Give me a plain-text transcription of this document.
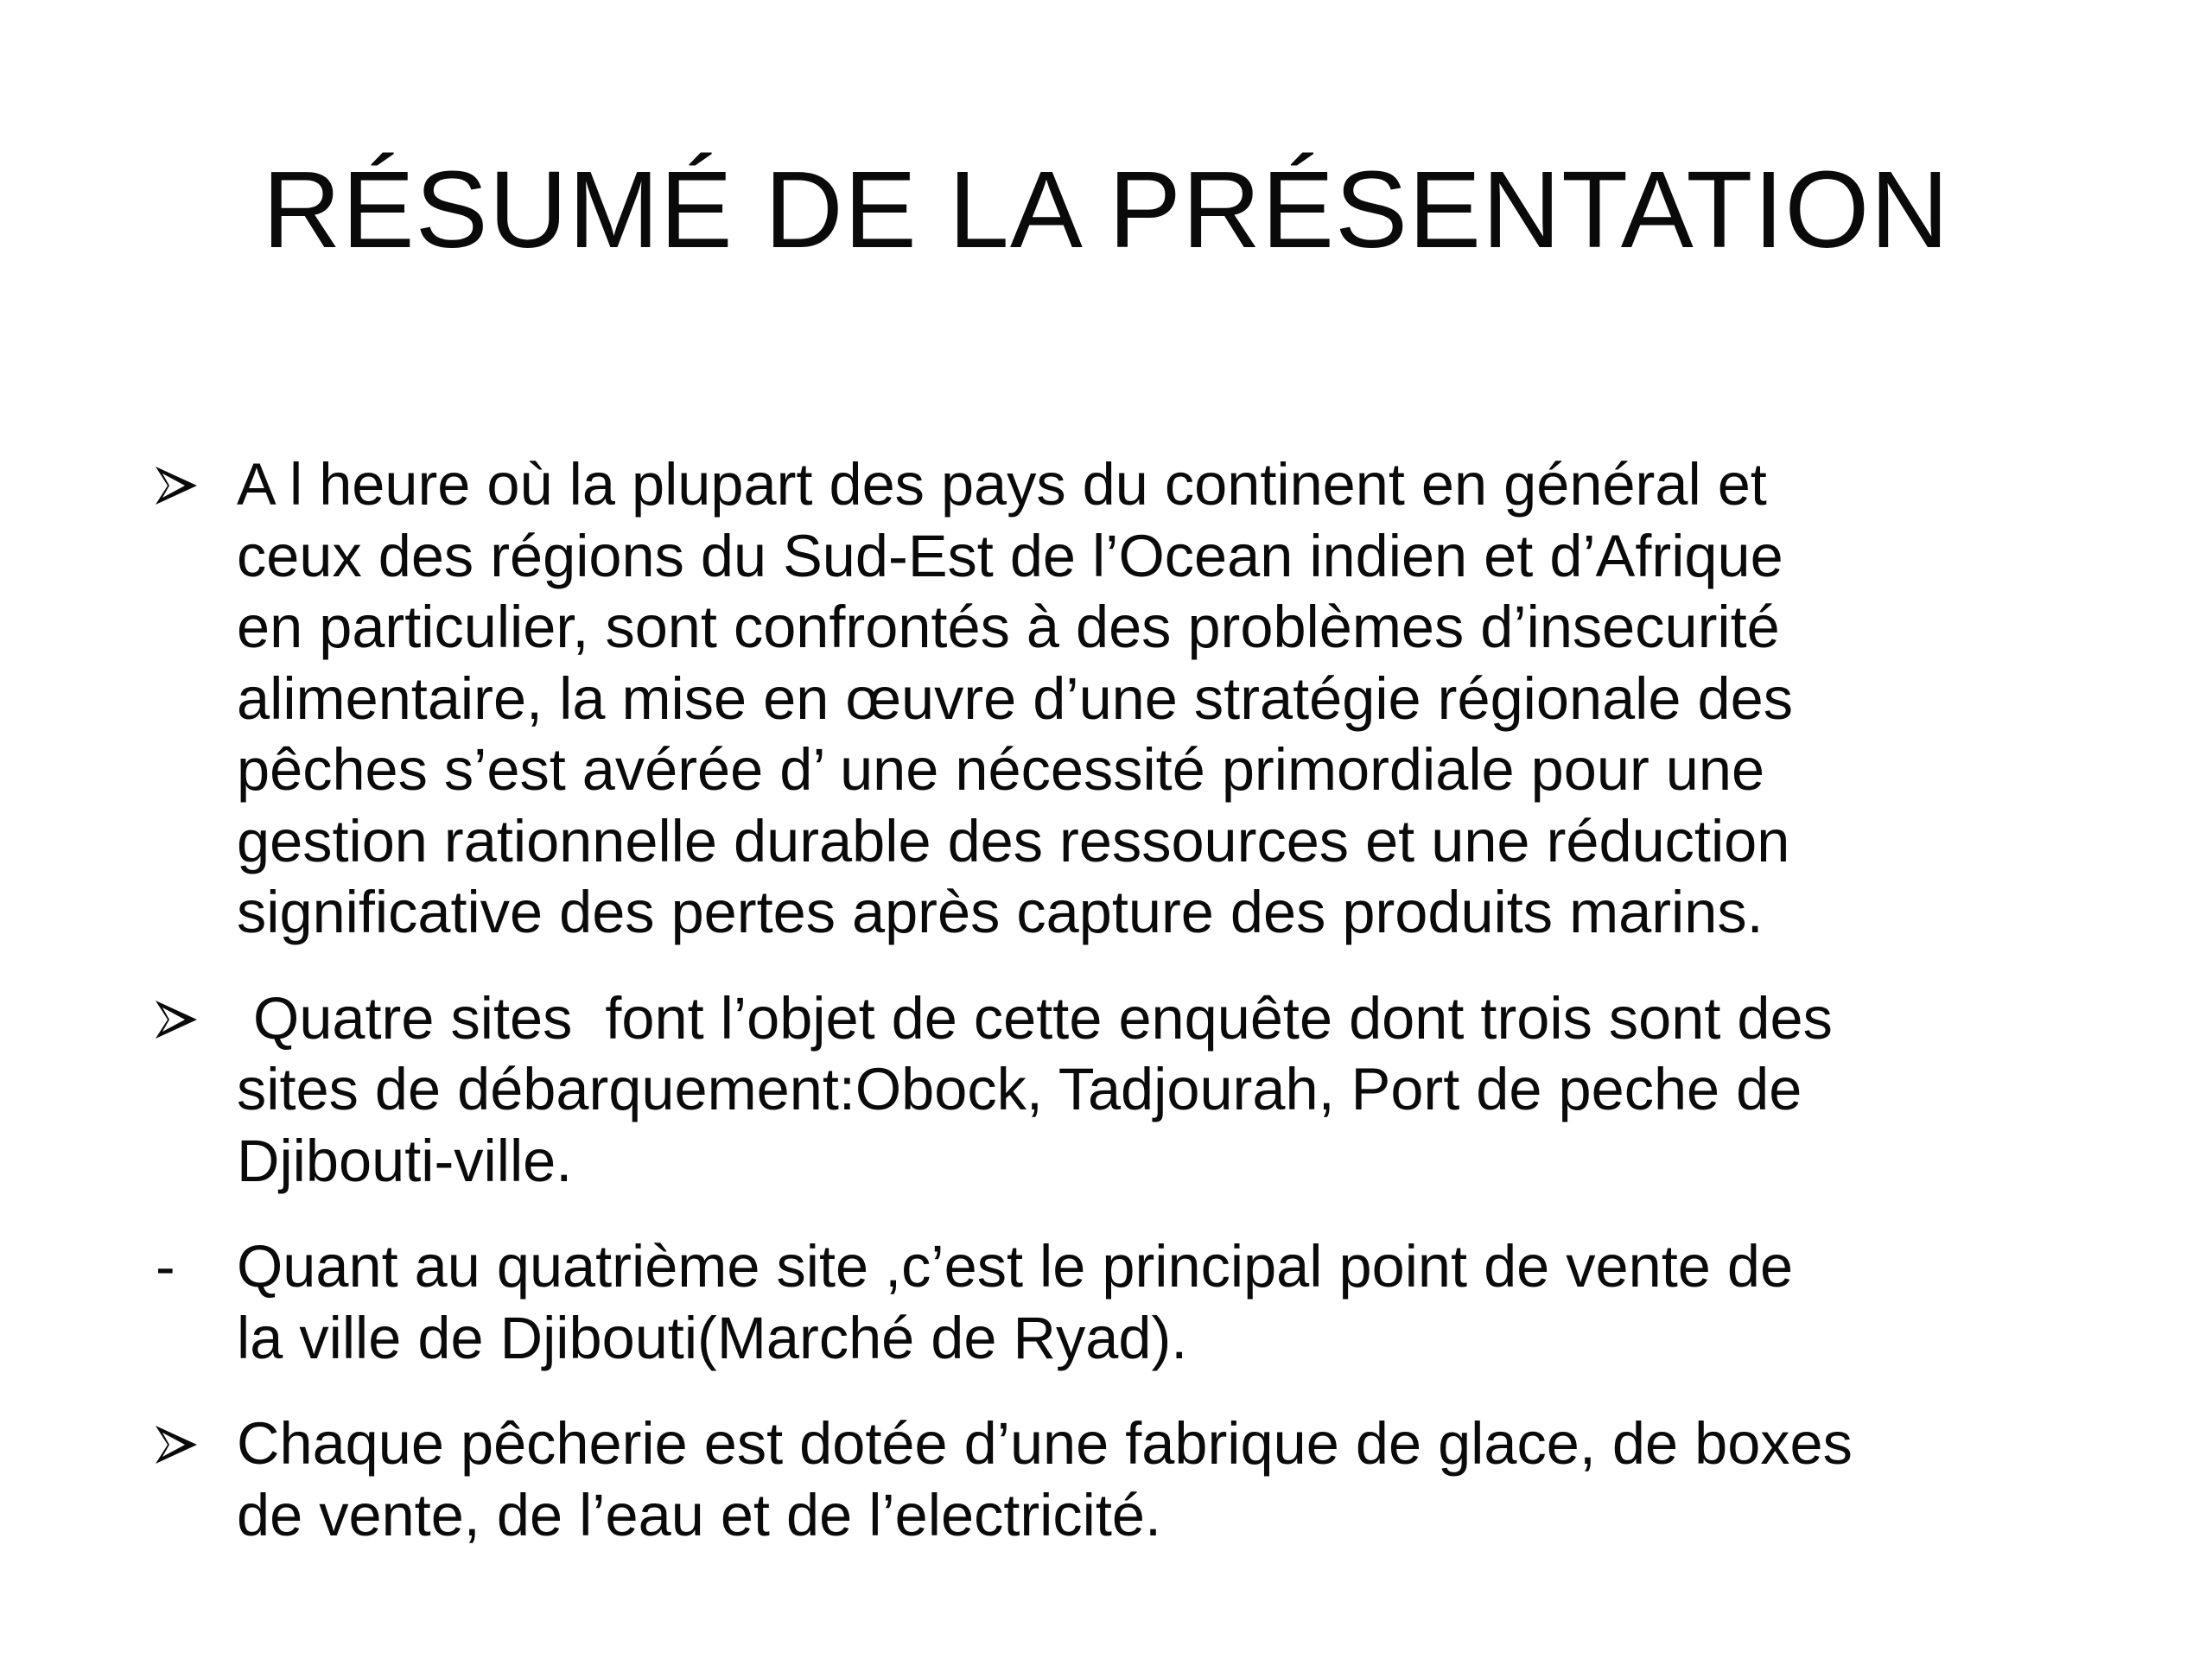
RÉSUMÉ DE LA PRÉSENTATION
A l heure où la plupart des pays du continent en général et
ceux des régions du Sud-Est de l’Ocean indien et d’Afrique
en particulier, sont confrontés à des problèmes d’insecurité
alimentaire, la mise en œuvre d’une stratégie régionale des
pêches s’est avérée d’ une nécessité primordiale pour une
gestion rationnelle durable des ressources et une réduction
significative des pertes après capture des produits marins.
Quatre sites  font l’objet de cette enquête dont trois sont des
sites de débarquement:Obock, Tadjourah, Port de peche de
Djibouti-ville.
- Quant au quatrième site ,c’est le principal point de vente de
la ville de Djibouti(Marché de Ryad).
Chaque pêcherie est dotée d’une fabrique de glace, de boxes
de vente, de l’eau et de l’electricité.
